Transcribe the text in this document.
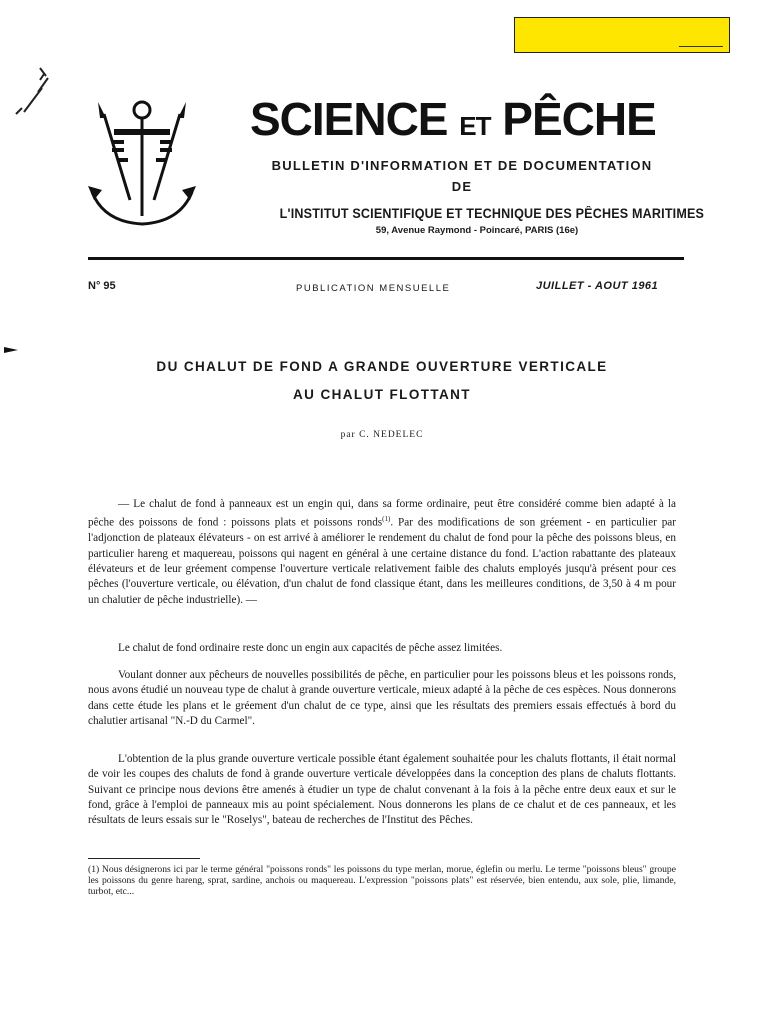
SCIENCE ET PÊCHE
BULLETIN D'INFORMATION ET DE DOCUMENTATION
DE
L'INSTITUT SCIENTIFIQUE ET TECHNIQUE DES PÊCHES MARITIMES
59, Avenue Raymond - Poincaré, PARIS (16e)
N° 95	PUBLICATION MENSUELLE	JUILLET - AOUT 1961
DU CHALUT DE FOND A GRANDE OUVERTURE VERTICALE
AU CHALUT FLOTTANT
par C. NEDELEC

— Le chalut de fond à panneaux est un engin qui, dans sa forme ordinaire, peut être considéré comme bien adapté à la pêche des poissons de fond : poissons plats et poissons ronds$^{(1)}$. Par des modifications de son gréement - en particulier par l'adjonction de plateaux élévateurs - on est arrivé à améliorer le rendement du chalut de fond pour la pêche des poissons bleus, en particulier hareng et maquereau, poissons qui nagent en général à une certaine distance du fond. L'action rabattante des plateaux élévateurs et de leur gréement compense l'ouverture verticale relativement faible des chaluts employés jusqu'à présent pour ces pêches (l'ouverture verticale, ou élévation, d'un chalut de fond classique étant, dans les meilleures conditions, de 3,50 à 4 m pour un chalutier de pêche industrielle). —

Le chalut de fond ordinaire reste donc un engin aux capacités de pêche assez limitées.

Voulant donner aux pêcheurs de nouvelles possibilités de pêche, en particulier pour les poissons bleus et les poissons ronds, nous avons étudié un nouveau type de chalut à grande ouverture verticale, mieux adapté à la pêche de ces espèces. Nous donnerons dans cette étude les plans et le gréement d'un chalut de ce type, ainsi que les résultats des premiers essais effectués à bord du chalutier artisanal "N.-D du Carmel".

L'obtention de la plus grande ouverture verticale possible étant également souhaitée pour les chaluts flottants, il était normal de voir les coupes des chaluts de fond à grande ouverture verticale développées dans la conception des plans de chaluts flottants. Suivant ce principe nous devions être amenés à étudier un type de chalut convenant à la fois à la pêche entre deux eaux et sur le fond, grâce à l'emploi de panneaux mis au point spécialement. Nous donnerons les plans de ce chalut et de ces panneaux, et les résultats de leurs essais sur le "Roselys", bateau de recherches de l'Institut des Pêches.

(1) Nous désignerons ici par le terme général "poissons ronds" les poissons du type merlan, morue, églefin ou merlu. Le terme "poissons bleus" groupe les poissons du genre hareng, sprat, sardine, anchois ou maquereau. L'expression "poissons plats" est réservée, bien entendu, aux sole, plie, limande, turbot, etc...
